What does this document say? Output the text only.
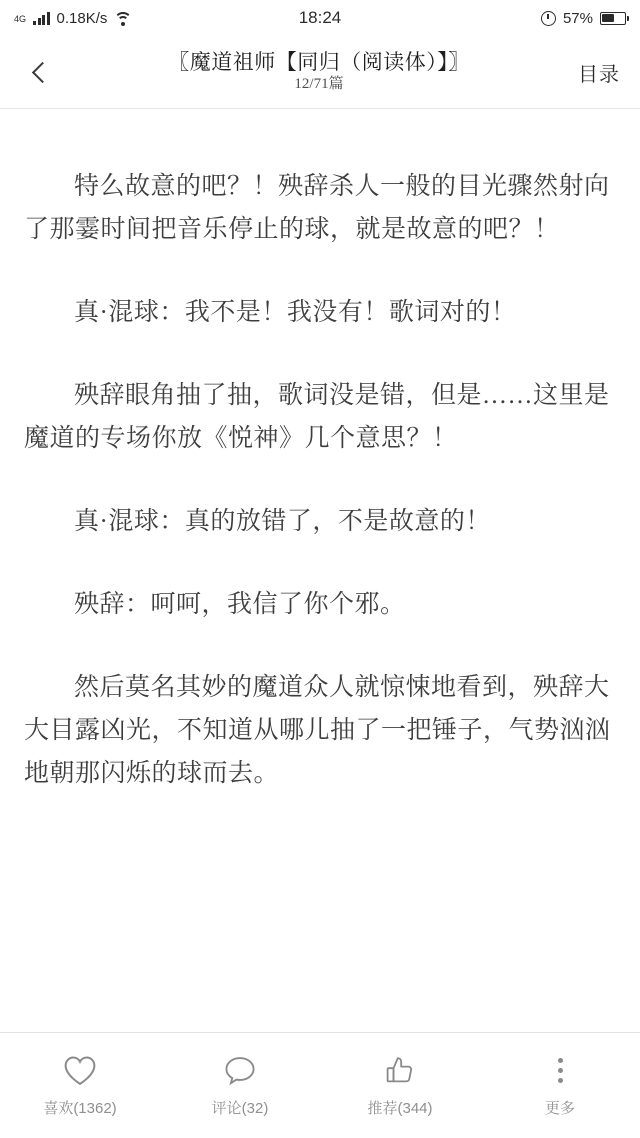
4G 0.18K/s	18:24	57%
〖魔道祖师【同归（阅读体）】〗
12/71篇	目录

特么故意的吧？！殃辞杀人一般的目光骤然射向了那霎时间把音乐停止的球，就是故意的吧？！

真·混球：我不是！我没有！歌词对的！

殃辞眼角抽了抽，歌词没是错，但是……这里是魔道的专场你放《悦神》几个意思？！

真·混球：真的放错了，不是故意的！

殃辞：呵呵，我信了你个邪。

然后莫名其妙的魔道众人就惊悚地看到，殃辞大大目露凶光，不知道从哪儿抽了一把锤子，气势汹汹地朝那闪烁的球而去。

喜欢(1362)	评论(32)	推荐(344)	更多
